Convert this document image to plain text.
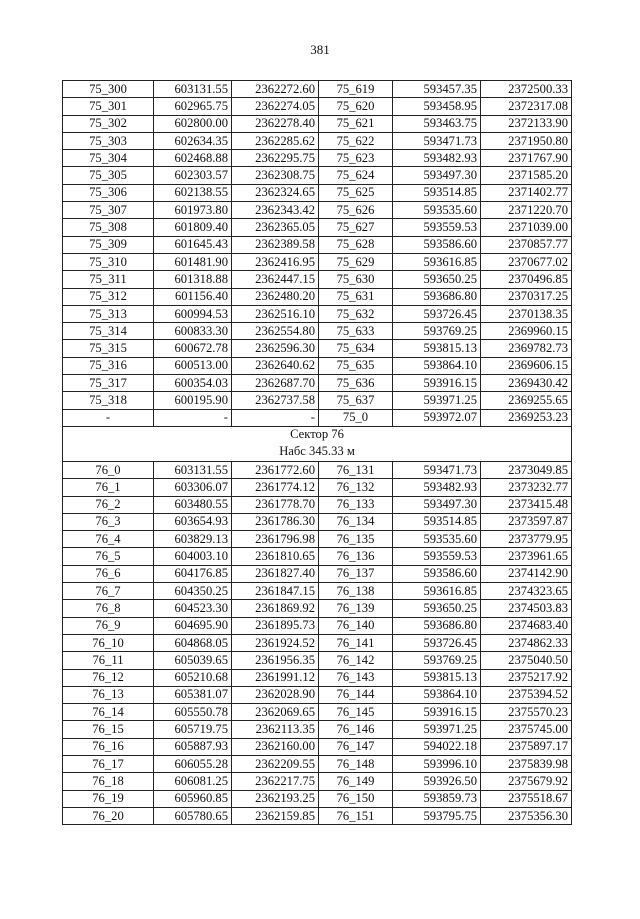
381
75_300	603131.55	2362272.60	75_619	593457.35	2372500.33
75_301	602965.75	2362274.05	75_620	593458.95	2372317.08
75_302	602800.00	2362278.40	75_621	593463.75	2372133.90
75_303	602634.35	2362285.62	75_622	593471.73	2371950.80
75_304	602468.88	2362295.75	75_623	593482.93	2371767.90
75_305	602303.57	2362308.75	75_624	593497.30	2371585.20
75_306	602138.55	2362324.65	75_625	593514.85	2371402.77
75_307	601973.80	2362343.42	75_626	593535.60	2371220.70
75_308	601809.40	2362365.05	75_627	593559.53	2371039.00
75_309	601645.43	2362389.58	75_628	593586.60	2370857.77
75_310	601481.90	2362416.95	75_629	593616.85	2370677.02
75_311	601318.88	2362447.15	75_630	593650.25	2370496.85
75_312	601156.40	2362480.20	75_631	593686.80	2370317.25
75_313	600994.53	2362516.10	75_632	593726.45	2370138.35
75_314	600833.30	2362554.80	75_633	593769.25	2369960.15
75_315	600672.78	2362596.30	75_634	593815.13	2369782.73
75_316	600513.00	2362640.62	75_635	593864.10	2369606.15
75_317	600354.03	2362687.70	75_636	593916.15	2369430.42
75_318	600195.90	2362737.58	75_637	593971.25	2369255.65
-	-	-	75_0	593972.07	2369253.23

Сектор 76
Набс 345.33 м					

76_0	603131.55	2361772.60	76_131	593471.73	2373049.85
76_1	603306.07	2361774.12	76_132	593482.93	2373232.77
76_2	603480.55	2361778.70	76_133	593497.30	2373415.48
76_3	603654.93	2361786.30	76_134	593514.85	2373597.87
76_4	603829.13	2361796.98	76_135	593535.60	2373779.95
76_5	604003.10	2361810.65	76_136	593559.53	2373961.65
76_6	604176.85	2361827.40	76_137	593586.60	2374142.90
76_7	604350.25	2361847.15	76_138	593616.85	2374323.65
76_8	604523.30	2361869.92	76_139	593650.25	2374503.83
76_9	604695.90	2361895.73	76_140	593686.80	2374683.40
76_10	604868.05	2361924.52	76_141	593726.45	2374862.33
76_11	605039.65	2361956.35	76_142	593769.25	2375040.50
76_12	605210.68	2361991.12	76_143	593815.13	2375217.92
76_13	605381.07	2362028.90	76_144	593864.10	2375394.52
76_14	605550.78	2362069.65	76_145	593916.15	2375570.23
76_15	605719.75	2362113.35	76_146	593971.25	2375745.00
76_16	605887.93	2362160.00	76_147	594022.18	2375897.17
76_17	606055.28	2362209.55	76_148	593996.10	2375839.98
76_18	606081.25	2362217.75	76_149	593926.50	2375679.92
76_19	605960.85	2362193.25	76_150	593859.73	2375518.67
76_20	605780.65	2362159.85	76_151	593795.75	2375356.30
